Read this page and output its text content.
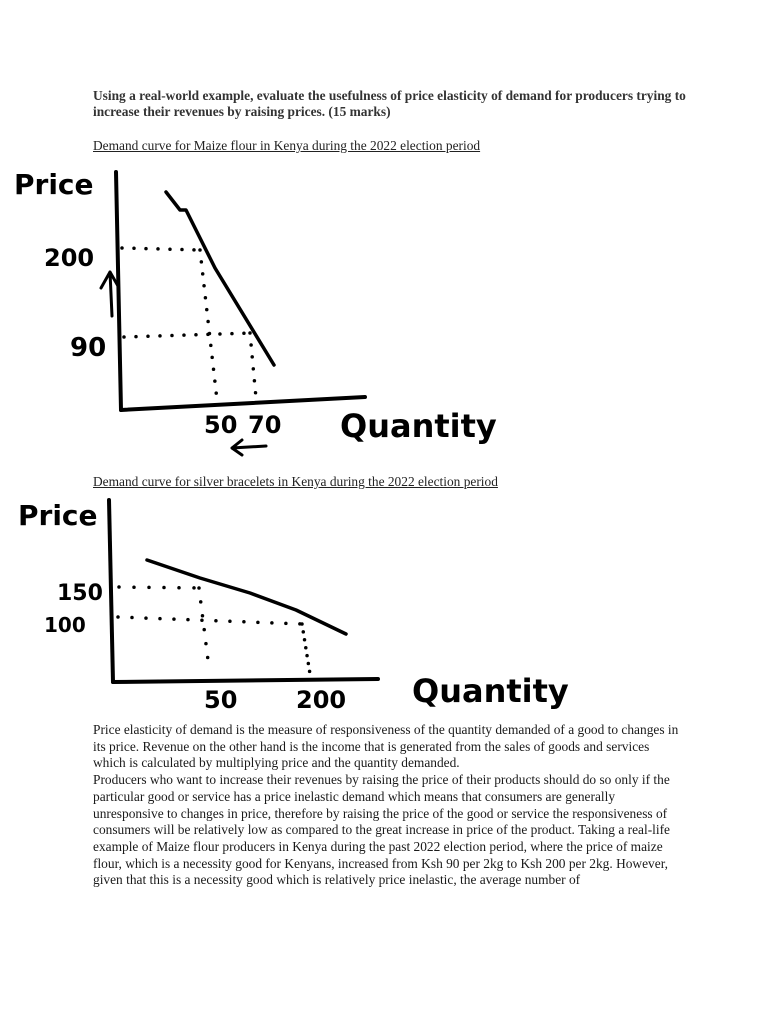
Using a real-world example, evaluate the usefulness of price elasticity of demand for producers trying to increase their revenues by raising prices. (15 marks)
Demand curve for Maize flour in Kenya during the 2022 election period
Price
200
90
50 70 Quantity
Demand curve for silver bracelets in Kenya during the 2022 election period
Price
150
100
50 200 Quantity

Price elasticity of demand is the measure of responsiveness of the quantity demanded of a good to changes in its price. Revenue on the other hand is the income that is generated from the sales of goods and services which is calculated by multiplying price and the quantity demanded.

Producers who want to increase their revenues by raising the price of their products should do so only if the particular good or service has a price inelastic demand which means that consumers are generally unresponsive to changes in price, therefore by raising the price of the good or service the responsiveness of consumers will be relatively low as compared to the great increase in price of the product. Taking a real-life example of Maize flour producers in Kenya during the past 2022 election period, where the price of maize flour, which is a necessity good for Kenyans, increased from Ksh 90 per 2kg to Ksh 200 per 2kg. However, given that this is a necessity good which is relatively price inelastic, the average number of
